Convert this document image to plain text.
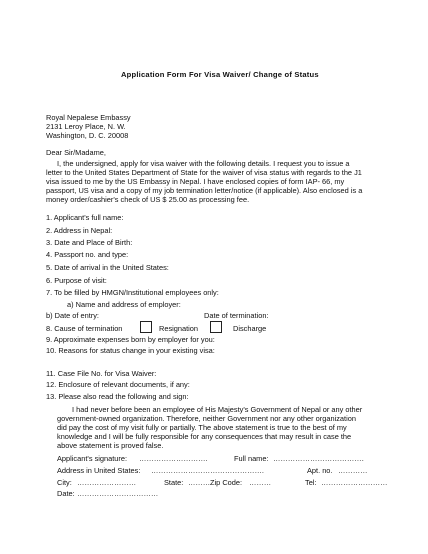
Application Form For Visa Waiver/ Change of Status
Royal Nepalese Embassy
2131 Leroy Place, N. W.
Washington, D. C. 20008
Dear Sir/Madame,
I, the undersigned, apply for visa waiver with the following details. I request you to issue a
letter to the United States Department of State for the waiver of visa status with regards to the J1
visa issued to me by the US Embassy in Nepal. I have enclosed copies of form IAP- 66, my
passport, US visa and a copy of my job termination letter/notice (if applicable). Also enclosed is a
money order/cashier's check of US $ 25.00 as processing fee.
1. Applicant's full name:
2. Address in Nepal:
3. Date and Place of Birth:
4. Passport no. and type:
5. Date of arrival in the United States:
6. Purpose of visit:
7. To be filled by HMGN/Institutional employees only:
a) Name and address of employer:
b) Date of entry:	Date of termination:
8. Cause of termination	Resignation	Discharge
9. Approximate expenses born by employer for you:
10. Reasons for status change in your existing visa:
11. Case File No. for Visa Waiver:
12. Enclosure of relevant documents, if any:
13. Please also read the following and sign:
I had never before been an employee of His Majesty's Government of Nepal or any other
government-owned organization. Therefore, neither Government nor any other organization
did pay the cost of my visit fully or partially. The above statement is true to the best of my
knowledge and I will be fully responsible for any consequences that may result in case the
above statement is proved false.
Applicant's signature: ……………………….	Full name: ……………………………….
Address in United States: ……………………………………….	Apt. no. …………
City: ……………………	State: ……… Zip Code: ………	Tel: ………………………
Date: ……………………………
